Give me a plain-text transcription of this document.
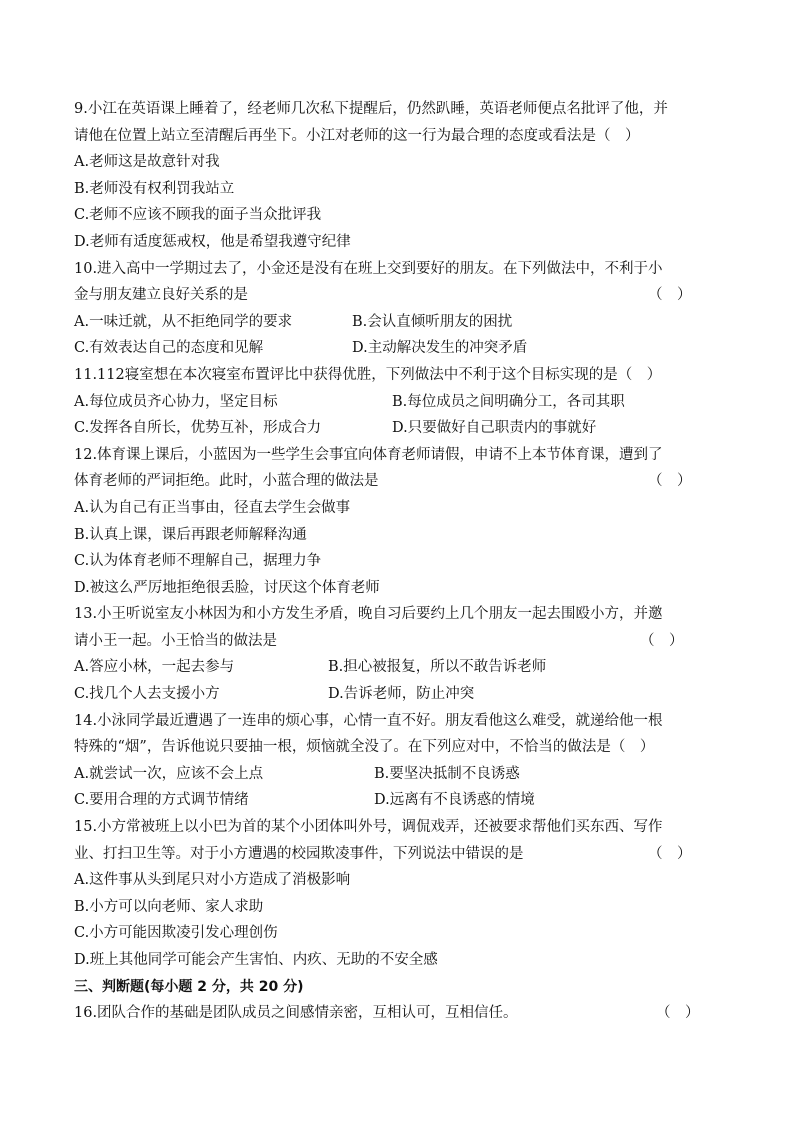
9.小江在英语课上睡着了，经老师几次私下提醒后，仍然趴睡，英语老师便点名批评了他，并
请他在位置上站立至清醒后再坐下。小江对老师的这一行为最合理的态度或看法是（　）
A.老师这是故意针对我
B.老师没有权利罚我站立
C.老师不应该不顾我的面子当众批评我
D.老师有适度惩戒权，他是希望我遵守纪律
10.进入高中一学期过去了，小金还是没有在班上交到要好的朋友。在下列做法中，不利于小
金与朋友建立良好关系的是	（　）
A.一味迁就，从不拒绝同学的要求	B.会认直倾听朋友的困扰
C.有效表达自己的态度和见解	D.主动解决发生的冲突矛盾
11.112寝室想在本次寝室布置评比中获得优胜，下列做法中不利于这个目标实现的是（　）
A.每位成员齐心协力，坚定目标	B.每位成员之间明确分工，各司其职
C.发挥各自所长，优势互补，形成合力	D.只要做好自己职责内的事就好
12.体育课上课后，小蓝因为一些学生会事宜向体育老师请假，申请不上本节体育课，遭到了
体育老师的严词拒绝。此时，小蓝合理的做法是	（　）
A.认为自己有正当事由，径直去学生会做事
B.认真上课，课后再跟老师解释沟通
C.认为体育老师不理解自己，据理力争
D.被这么严厉地拒绝很丢脸，讨厌这个体育老师
13.小王听说室友小林因为和小方发生矛盾，晚自习后要约上几个朋友一起去围殴小方，并邀
请小王一起。小王恰当的做法是	（　）
A.答应小林，一起去参与	B.担心被报复，所以不敢告诉老师
C.找几个人去支援小方	D.告诉老师，防止冲突
14.小泳同学最近遭遇了一连串的烦心事，心情一直不好。朋友看他这么难受，就递给他一根
特殊的“烟”，告诉他说只要抽一根，烦恼就全没了。在下列应对中，不恰当的做法是（　）
A.就尝试一次，应该不会上点	B.要坚决抵制不良诱惑
C.要用合理的方式调节情绪	D.远离有不良诱惑的情境
15.小方常被班上以小巴为首的某个小团体叫外号，调侃戏弄，还被要求帮他们买东西、写作
业、打扫卫生等。对于小方遭遇的校园欺凌事件，下列说法中错误的是	（　）
A.这件事从头到尾只对小方造成了消极影响
B.小方可以向老师、家人求助
C.小方可能因欺凌引发心理创伤
D.班上其他同学可能会产生害怕、内疚、无助的不安全感
三、判断题(每小题 2 分，共 20 分)
16.团队合作的基础是团队成员之间感情亲密，互相认可，互相信任。	（　）
